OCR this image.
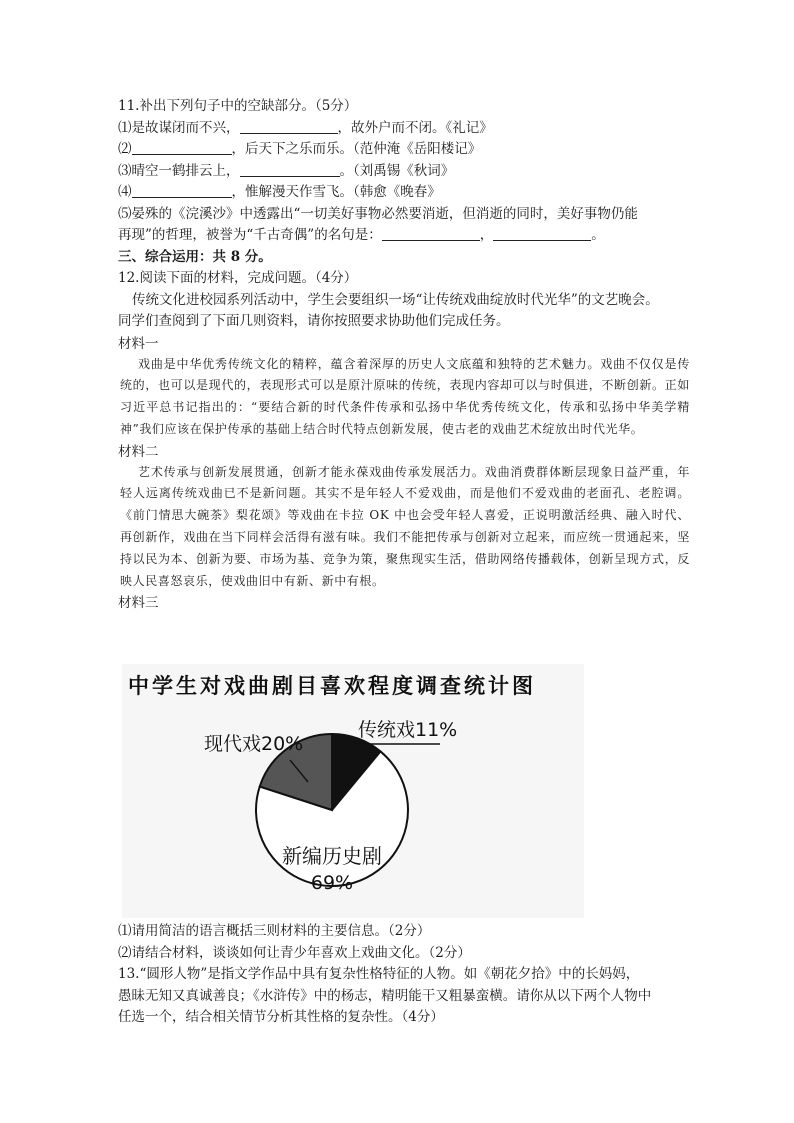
11.补出下列句子中的空缺部分。（5分）
⑴是故谋闭而不兴，	，故外户而不闭。《礼记》
⑵	，后天下之乐而乐。（范仲淹《岳阳楼记》
⑶晴空一鹤排云上，	。（刘禹锡《秋词》
⑷	，惟解漫天作雪飞。（韩愈《晚春》
⑸晏殊的《浣溪沙》中透露出“一切美好事物必然要消逝，但消逝的同时，美好事物仍能
再现”的哲理，被誉为“千古奇偶”的名句是：	，	。
三、综合运用：共 8 分。
12.阅读下面的材料，完成问题。（4分）
传统文化进校园系列活动中，学生会要组织一场“让传统戏曲绽放时代光华”的文艺晚会。
同学们查阅到了下面几则资料，请你按照要求协助他们完成任务。
材料一

戏曲是中华优秀传统文化的精粹，蕴含着深厚的历史人文底蕴和独特的艺术魅力。戏曲不仅仅是传统的，也可以是现代的，表现形式可以是原汁原味的传统，表现内容却可以与时俱进，不断创新。正如习近平总书记指出的：“要结合新的时代条件传承和弘扬中华优秀传统文化，传承和弘扬中华美学精神”我们应该在保护传承的基础上结合时代特点创新发展，使古老的戏曲艺术绽放出时代光华。

材料二

艺术传承与创新发展贯通，创新才能永葆戏曲传承发展活力。戏曲消费群体断层现象日益严重，年轻人远离传统戏曲已不是新问题。其实不是年轻人不爱戏曲，而是他们不爱戏曲的老面孔、老腔调。《前门情思大碗茶》梨花颂》等戏曲在卡拉 OK 中也会受年轻人喜爱，正说明激活经典、融入时代、再创新作，戏曲在当下同样会活得有滋有味。我们不能把传承与创新对立起来，而应统一贯通起来，坚持以民为本、创新为要、市场为基、竞争为策，聚焦现实生活，借助网络传播载体，创新呈现方式，反映人民喜怒哀乐，使戏曲旧中有新、新中有根。

材料三
中学生对戏曲剧目喜欢程度调查统计图
传统戏11%
现代戏20%
新编历史剧
69%
⑴请用简洁的语言概括三则材料的主要信息。（2分）
⑵请结合材料，谈谈如何让青少年喜欢上戏曲文化。（2分）
13.“圆形人物”是指文学作品中具有复杂性格特征的人物。如《朝花夕拾》中的长妈妈，
愚昧无知又真诚善良；《水浒传》中的杨志，精明能干又粗暴蛮横。请你从以下两个人物中
任选一个，结合相关情节分析其性格的复杂性。（4分）
